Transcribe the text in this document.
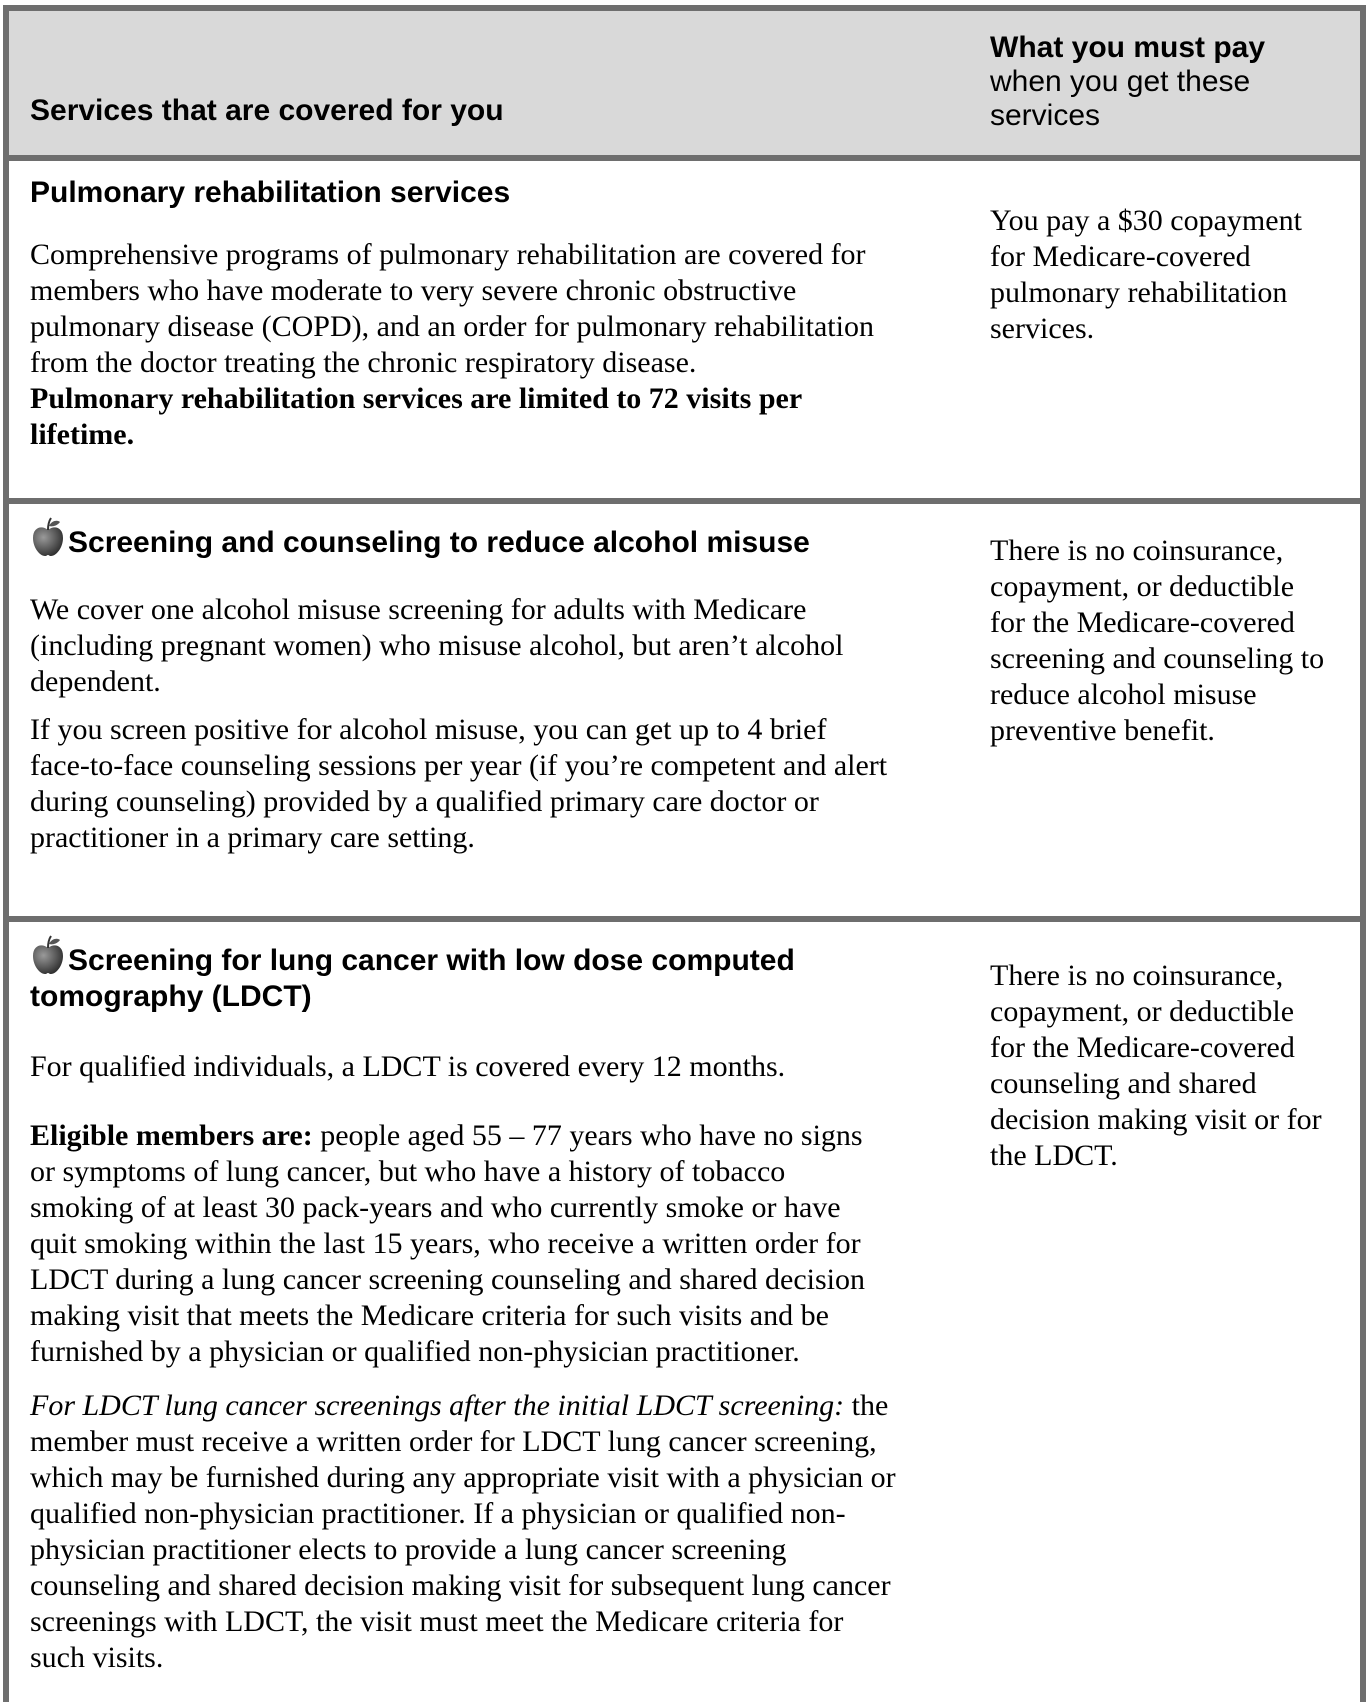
Services that are covered for you
What you must pay
when you get these
services
Pulmonary rehabilitation services

Comprehensive programs of pulmonary rehabilitation are covered for

members who have moderate to very severe chronic obstructive

pulmonary disease (COPD), and an order for pulmonary rehabilitation

from the doctor treating the chronic respiratory disease.

Pulmonary rehabilitation services are limited to 72 visits per

lifetime.

You pay a $30 copayment

for Medicare-covered

pulmonary rehabilitation

services.

Screening and counseling to reduce alcohol misuse

We cover one alcohol misuse screening for adults with Medicare

(including pregnant women) who misuse alcohol, but aren’t alcohol

dependent.

If you screen positive for alcohol misuse, you can get up to 4 brief

face-to-face counseling sessions per year (if you’re competent and alert

during counseling) provided by a qualified primary care doctor or

practitioner in a primary care setting.

There is no coinsurance,

copayment, or deductible

for the Medicare-covered

screening and counseling to

reduce alcohol misuse

preventive benefit.

Screening for lung cancer with low dose computed
tomography (LDCT)

For qualified individuals, a LDCT is covered every 12 months.

Eligible members are: people aged 55 – 77 years who have no signs

or symptoms of lung cancer, but who have a history of tobacco

smoking of at least 30 pack-years and who currently smoke or have

quit smoking within the last 15 years, who receive a written order for

LDCT during a lung cancer screening counseling and shared decision

making visit that meets the Medicare criteria for such visits and be

furnished by a physician or qualified non-physician practitioner.

For LDCT lung cancer screenings after the initial LDCT screening: the

member must receive a written order for LDCT lung cancer screening,

which may be furnished during any appropriate visit with a physician or

qualified non-physician practitioner. If a physician or qualified non-

physician practitioner elects to provide a lung cancer screening

counseling and shared decision making visit for subsequent lung cancer

screenings with LDCT, the visit must meet the Medicare criteria for

such visits.

There is no coinsurance,

copayment, or deductible

for the Medicare-covered

counseling and shared

decision making visit or for

the LDCT.
